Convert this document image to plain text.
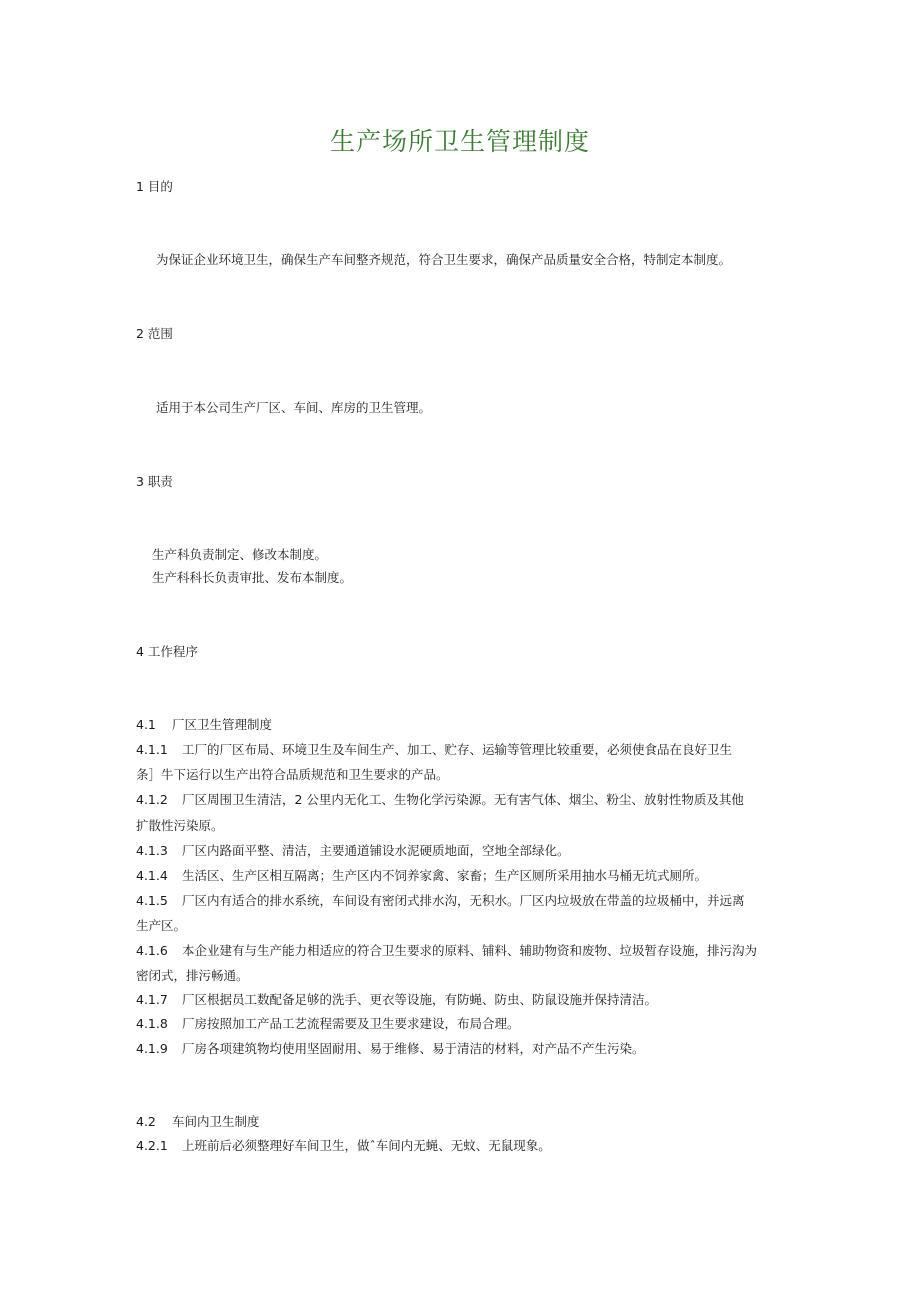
生产场所卫生管理制度
1 目的
为保证企业环境卫生，确保生产车间整齐规范，符合卫生要求，确保产品质量安全合格，特制定本制度。
2 范围
适用于本公司生产厂区、车间、库房的卫生管理。
3 职责
生产科负责制定、修改本制度。
生产科科长负责审批、发布本制度。
4 工作程序
4.1 厂区卫生管理制度
4.1.1 工厂的厂区布局、环境卫生及车间生产、加工、贮存、运输等管理比较重要，必须使食品在良好卫生
条］牛下运行以生产出符合品质规范和卫生要求的产品。
4.1.2 厂区周围卫生清洁，2 公里内无化工、生物化学污染源。无有害气体、烟尘、粉尘、放射性物质及其他
扩散性污染原。
4.1.3 厂区内路面平整、清洁，主要通道铺设水泥硬质地面，空地全部绿化。
4.1.4 生活区、生产区相互隔离；生产区内不饲养家禽、家畜；生产区厕所采用抽水马桶无坑式厕所。
4.1.5 厂区内有适合的排水系统，车间设有密闭式排水沟，无积水。厂区内垃圾放在带盖的垃圾桶中，并远离
生产区。
4.1.6 本企业建有与生产能力相适应的符合卫生要求的原料、铺料、辅助物资和废物、垃圾暂存设施，排污沟为
密闭式，排污畅通。
4.1.7 厂区根据员工数配备足够的洗手、更衣等设施，有防蝇、防虫、防鼠设施并保持清洁。
4.1.8 厂房按照加工产品工艺流程需要及卫生要求建设，布局合理。
4.1.9 厂房各项建筑物均使用坚固耐用、易于维修、易于清洁的材料，对产品不产生污染。
4.2 车间内卫生制度
4.2.1 上班前后必须整理好车间卫生，做ˆ车间内无蝇、无蚊、无鼠现象。
